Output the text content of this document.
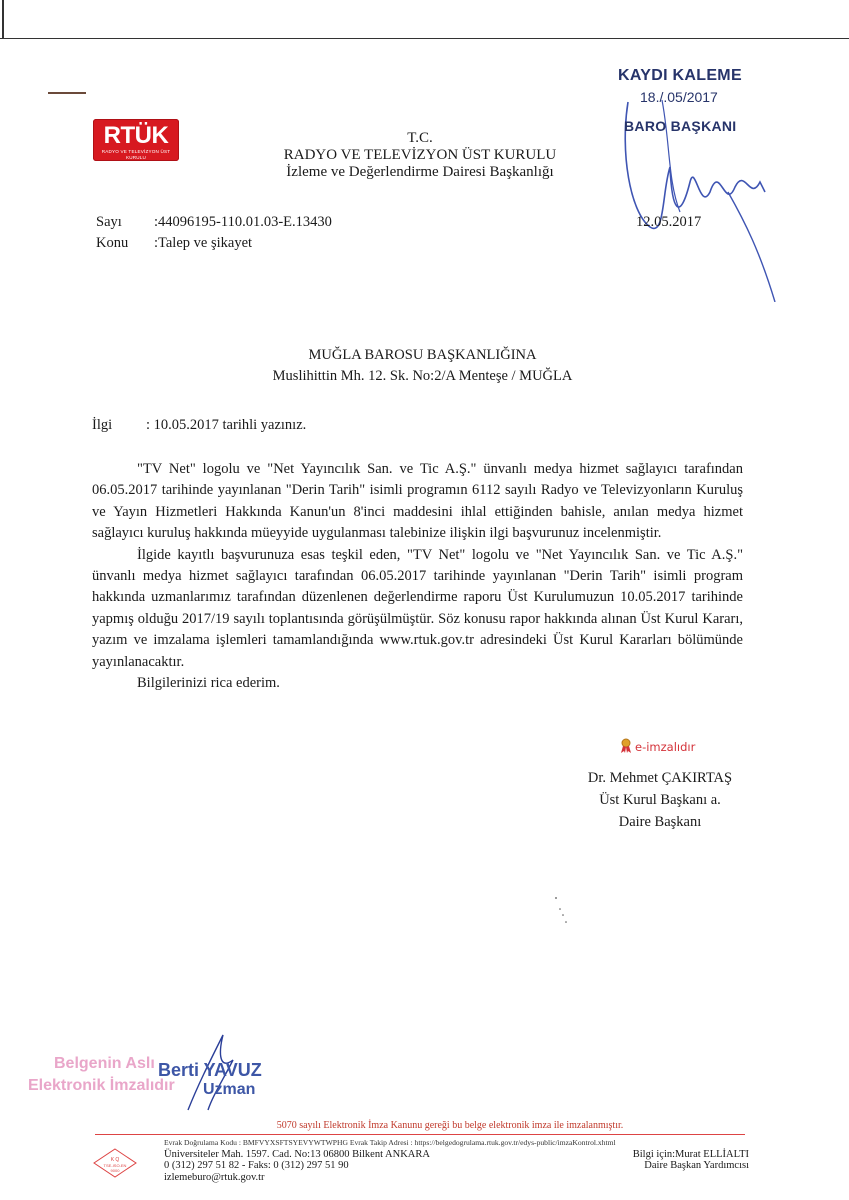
RTÜK
RADYO VE TELEVİZYON ÜST KURULU
T.C.
RADYO VE TELEVİZYON ÜST KURULU
İzleme ve Değerlendirme Dairesi Başkanlığı
KAYDI KALEME
18./.05/2017
BARO BAŞKANI
Sayı :44096195-110.01.03-E.13430
Konu :Talep ve şikayet
12.05.2017
MUĞLA BAROSU BAŞKANLIĞINA
Muslihittin Mh. 12. Sk. No:2/A Menteşe / MUĞLA
İlgi : 10.05.2017 tarihli yazınız.

"TV Net" logolu ve "Net Yayıncılık San. ve Tic A.Ş." ünvanlı medya hizmet sağlayıcı tarafından 06.05.2017 tarihinde yayınlanan "Derin Tarih" isimli programın 6112 sayılı Radyo ve Televizyonların Kuruluş ve Yayın Hizmetleri Hakkında Kanun'un 8'inci maddesini ihlal ettiğinden bahisle, anılan medya hizmet sağlayıcı kuruluş hakkında müeyyide uygulanması talebinize ilişkin ilgi başvurunuz incelenmiştir.

İlgide kayıtlı başvurunuza esas teşkil eden, "TV Net" logolu ve "Net Yayıncılık San. ve Tic A.Ş." ünvanlı medya hizmet sağlayıcı tarafından 06.05.2017 tarihinde yayınlanan "Derin Tarih" isimli program hakkında uzmanlarımız tarafından düzenlenen değerlendirme raporu Üst Kurulumuzun 10.05.2017 tarihinde yapmış olduğu 2017/19 sayılı toplantısında görüşülmüştür. Söz konusu rapor hakkında alınan Üst Kurul Kararı, yazım ve imzalama işlemleri tamamlandığında www.rtuk.gov.tr adresindeki Üst Kurul Kararları bölümünde yayınlanacaktır.

Bilgilerinizi rica ederim.

e-imzalıdır
Dr. Mehmet ÇAKIRTAŞ
Üst Kurul Başkanı a.
Daire Başkanı
Belgenin Aslı
Elektronik İmzalıdır
Berti YAVUZ
Uzman
5070 sayılı Elektronik İmza Kanunu gereği bu belge elektronik imza ile imzalanmıştır.
K Q
TSE-ISO-EN 9000
Evrak Doğrulama Kodu : BMFVYXSFTSYEVYWTWPHG Evrak Takip Adresi : https://belgedogrulama.rtuk.gov.tr/edys-public/imzaKontrol.xhtml
Üniversiteler Mah. 1597. Cad. No:13 06800 Bilkent ANKARA	Bilgi için:Murat ELLİALTI
0 (312) 297 51 82 - Faks: 0 (312) 297 51 90	Daire Başkan Yardımcısı
izlemeburo@rtuk.gov.tr
